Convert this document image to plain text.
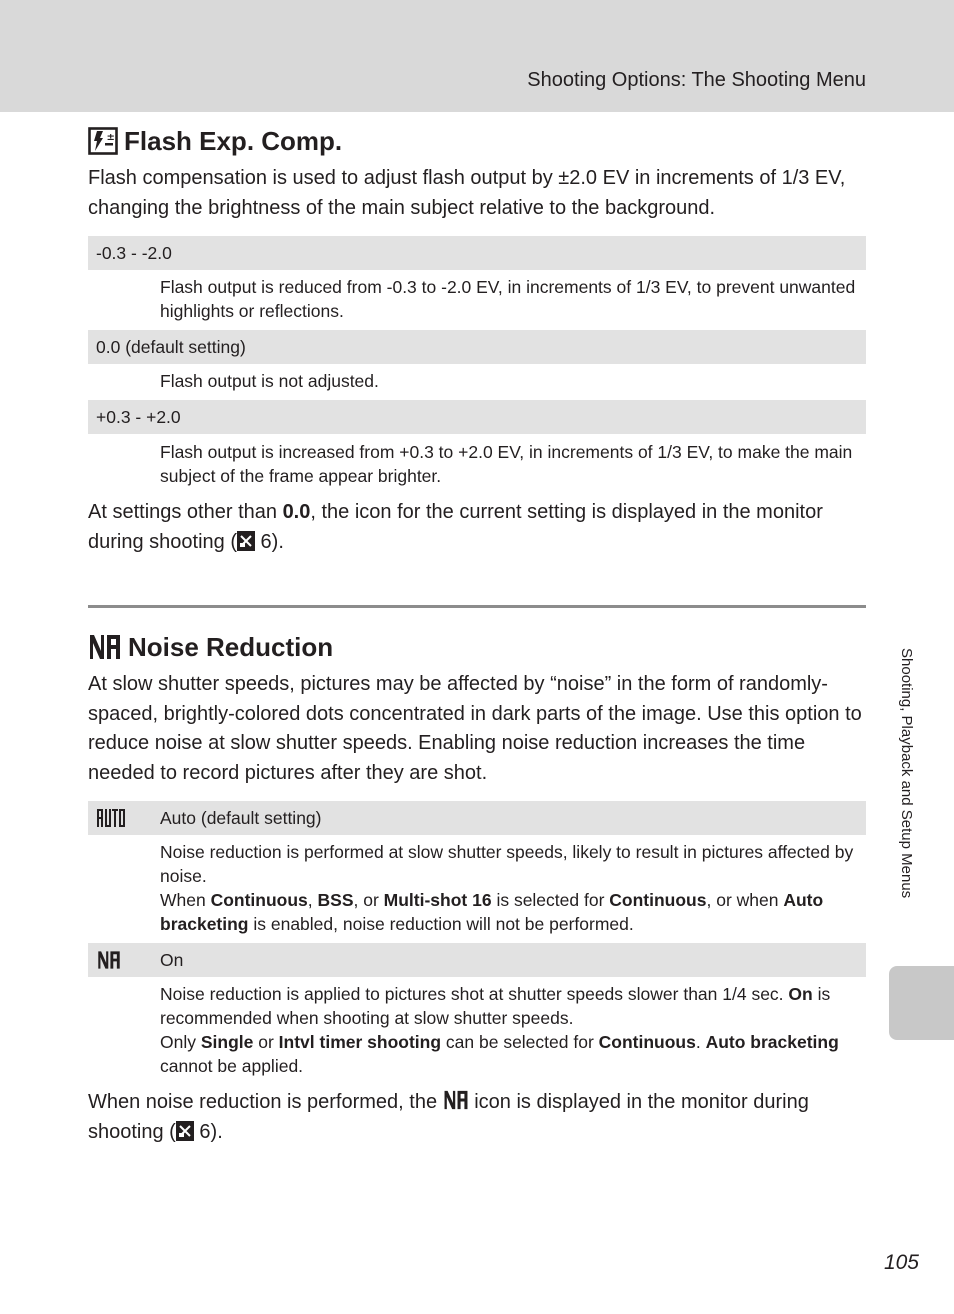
Shooting Options: The Shooting Menu
± Flash Exp. Comp.
Flash compensation is used to adjust flash output by ±2.0 EV in increments of 1/3 EV, changing the brightness of the main subject relative to the background.
-0.3 - -2.0
Flash output is reduced from -0.3 to -2.0 EV, in increments of 1/3 EV, to prevent unwanted highlights or reflections.
0.0 (default setting)
Flash output is not adjusted.
+0.3 - +2.0
Flash output is increased from +0.3 to +2.0 EV, in increments of 1/3 EV, to make the main subject of the frame appear brighter.
At settings other than 0.0, the icon for the current setting is displayed in the monitor during shooting ( 6).
Noise Reduction
At slow shutter speeds, pictures may be affected by “noise” in the form of randomly-spaced, brightly-colored dots concentrated in dark parts of the image. Use this option to reduce noise at slow shutter speeds. Enabling noise reduction increases the time needed to record pictures after they are shot.
Auto (default setting)
Noise reduction is performed at slow shutter speeds, likely to result in pictures affected by noise.
When Continuous, BSS, or Multi-shot 16 is selected for Continuous, or when Auto bracketing is enabled, noise reduction will not be performed.
On
Noise reduction is applied to pictures shot at shutter speeds slower than 1/4 sec. On is recommended when shooting at slow shutter speeds.
Only Single or Intvl timer shooting can be selected for Continuous. Auto bracketing cannot be applied.
When noise reduction is performed, the  icon is displayed in the monitor during shooting ( 6).
Shooting, Playback and Setup Menus
105
